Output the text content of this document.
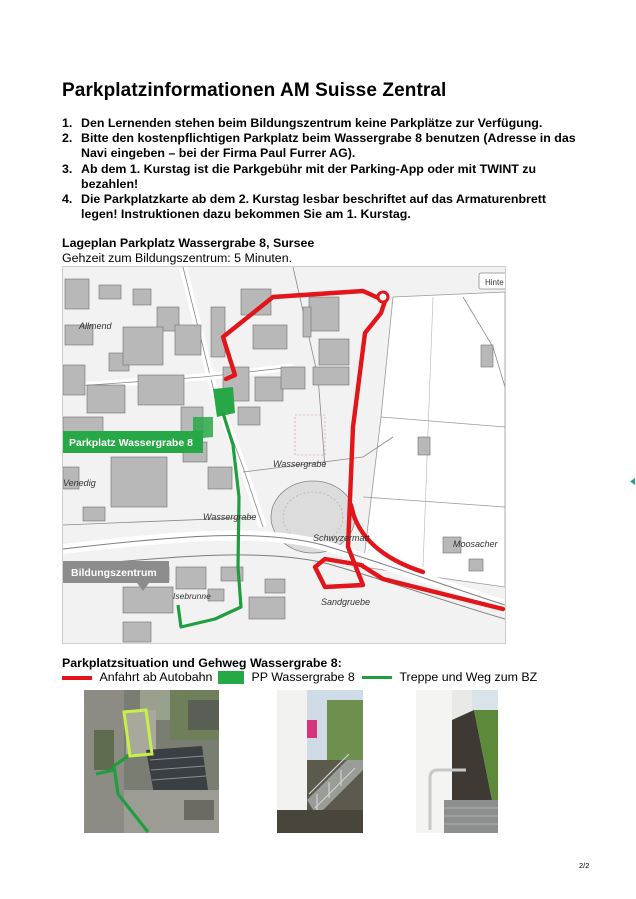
Parkplatzinformationen AM Suisse Zentral
1. Den Lernenden stehen beim Bildungszentrum keine Parkplätze zur Verfügung.
2. Bitte den kostenpflichtigen Parkplatz beim Wassergrabe 8 benutzen (Adresse in das Navi eingeben – bei der Firma Paul Furrer AG).
3. Ab dem 1. Kurstag ist die Parkgebühr mit der Parking-App oder mit TWINT zu bezahlen!
4. Die Parkplatzkarte ab dem 2. Kurstag lesbar beschriftet auf das Armaturenbrett legen! Instruktionen dazu bekommen Sie am 1. Kurstag.
Lageplan Parkplatz Wassergrabe 8, Sursee
Gehzeit zum Bildungszentrum: 5 Minuten.
Allmend
Wassergrabe
Wassergrabe
Venedig
Schwyzermatt
Moosacher
Sandgruebe
Isebrunne
Hinte
Parkplatz Wassergrabe 8
Bildungszentrum
Parkplatzsituation und Gehweg Wassergrabe 8:
Anfahrt ab Autobahn	PP Wassergrabe 8	Treppe und Weg zum BZ
2/2
